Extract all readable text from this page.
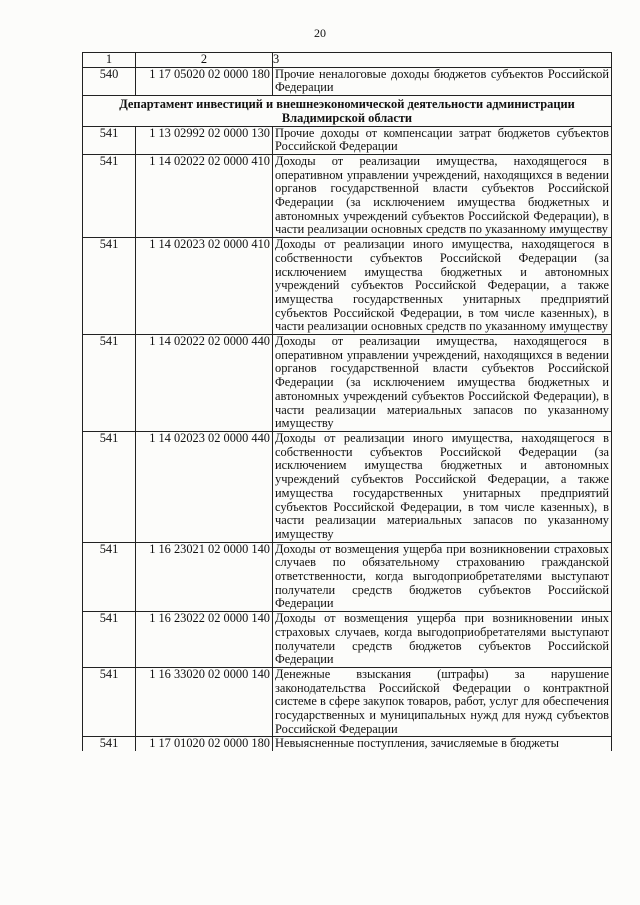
20
1	2	3
540	1 17 05020 02 0000 180	Прочие неналоговые доходы бюджетов субъектов Российской Федерации
Департамент инвестиций и внешнеэкономической деятельности администрации Владимирской области		
541	1 13 02992 02 0000 130	Прочие доходы от компенсации затрат бюджетов субъектов Российской Федерации
541	1 14 02022 02 0000 410	Доходы от реализации имущества, находящегося в оперативном управлении учреждений, находящихся в ведении органов государственной власти субъектов Российской Федерации (за исключением имущества бюджетных и автономных учреждений субъектов Российской Федерации), в части реализации основных средств по указанному имуществу
541	1 14 02023 02 0000 410	Доходы от реализации иного имущества, находящегося в собственности субъектов Российской Федерации (за исключением имущества бюджетных и автономных учреждений субъектов Российской Федерации, а также имущества государственных унитарных предприятий субъектов Российской Федерации, в том числе казенных), в части реализации основных средств по указанному имуществу
541	1 14 02022 02 0000 440	Доходы от реализации имущества, находящегося в оперативном управлении учреждений, находящихся в ведении органов государственной власти субъектов Российской Федерации (за исключением имущества бюджетных и автономных учреждений субъектов Российской Федерации), в части реализации материальных запасов по указанному имуществу
541	1 14 02023 02 0000 440	Доходы от реализации иного имущества, находящегося в собственности субъектов Российской Федерации (за исключением имущества бюджетных и автономных учреждений субъектов Российской Федерации, а также имущества государственных унитарных предприятий субъектов Российской Федерации, в том числе казенных), в части реализации материальных запасов по указанному имуществу
541	1 16 23021 02 0000 140	Доходы от возмещения ущерба при возникновении страховых случаев по обязательному страхованию гражданской ответственности, когда выгодоприобретателями выступают получатели средств бюджетов субъектов Российской Федерации
541	1 16 23022 02 0000 140	Доходы от возмещения ущерба при возникновении иных страховых случаев, когда выгодоприобретателями выступают получатели средств бюджетов субъектов Российской Федерации
541	1 16 33020 02 0000 140	Денежные взыскания (штрафы) за нарушение законодательства Российской Федерации о контрактной системе в сфере закупок товаров, работ, услуг для обеспечения государственных и муниципальных нужд для нужд субъектов Российской Федерации
541	1 17 01020 02 0000 180	Невыясненные поступления, зачисляемые в бюджеты
